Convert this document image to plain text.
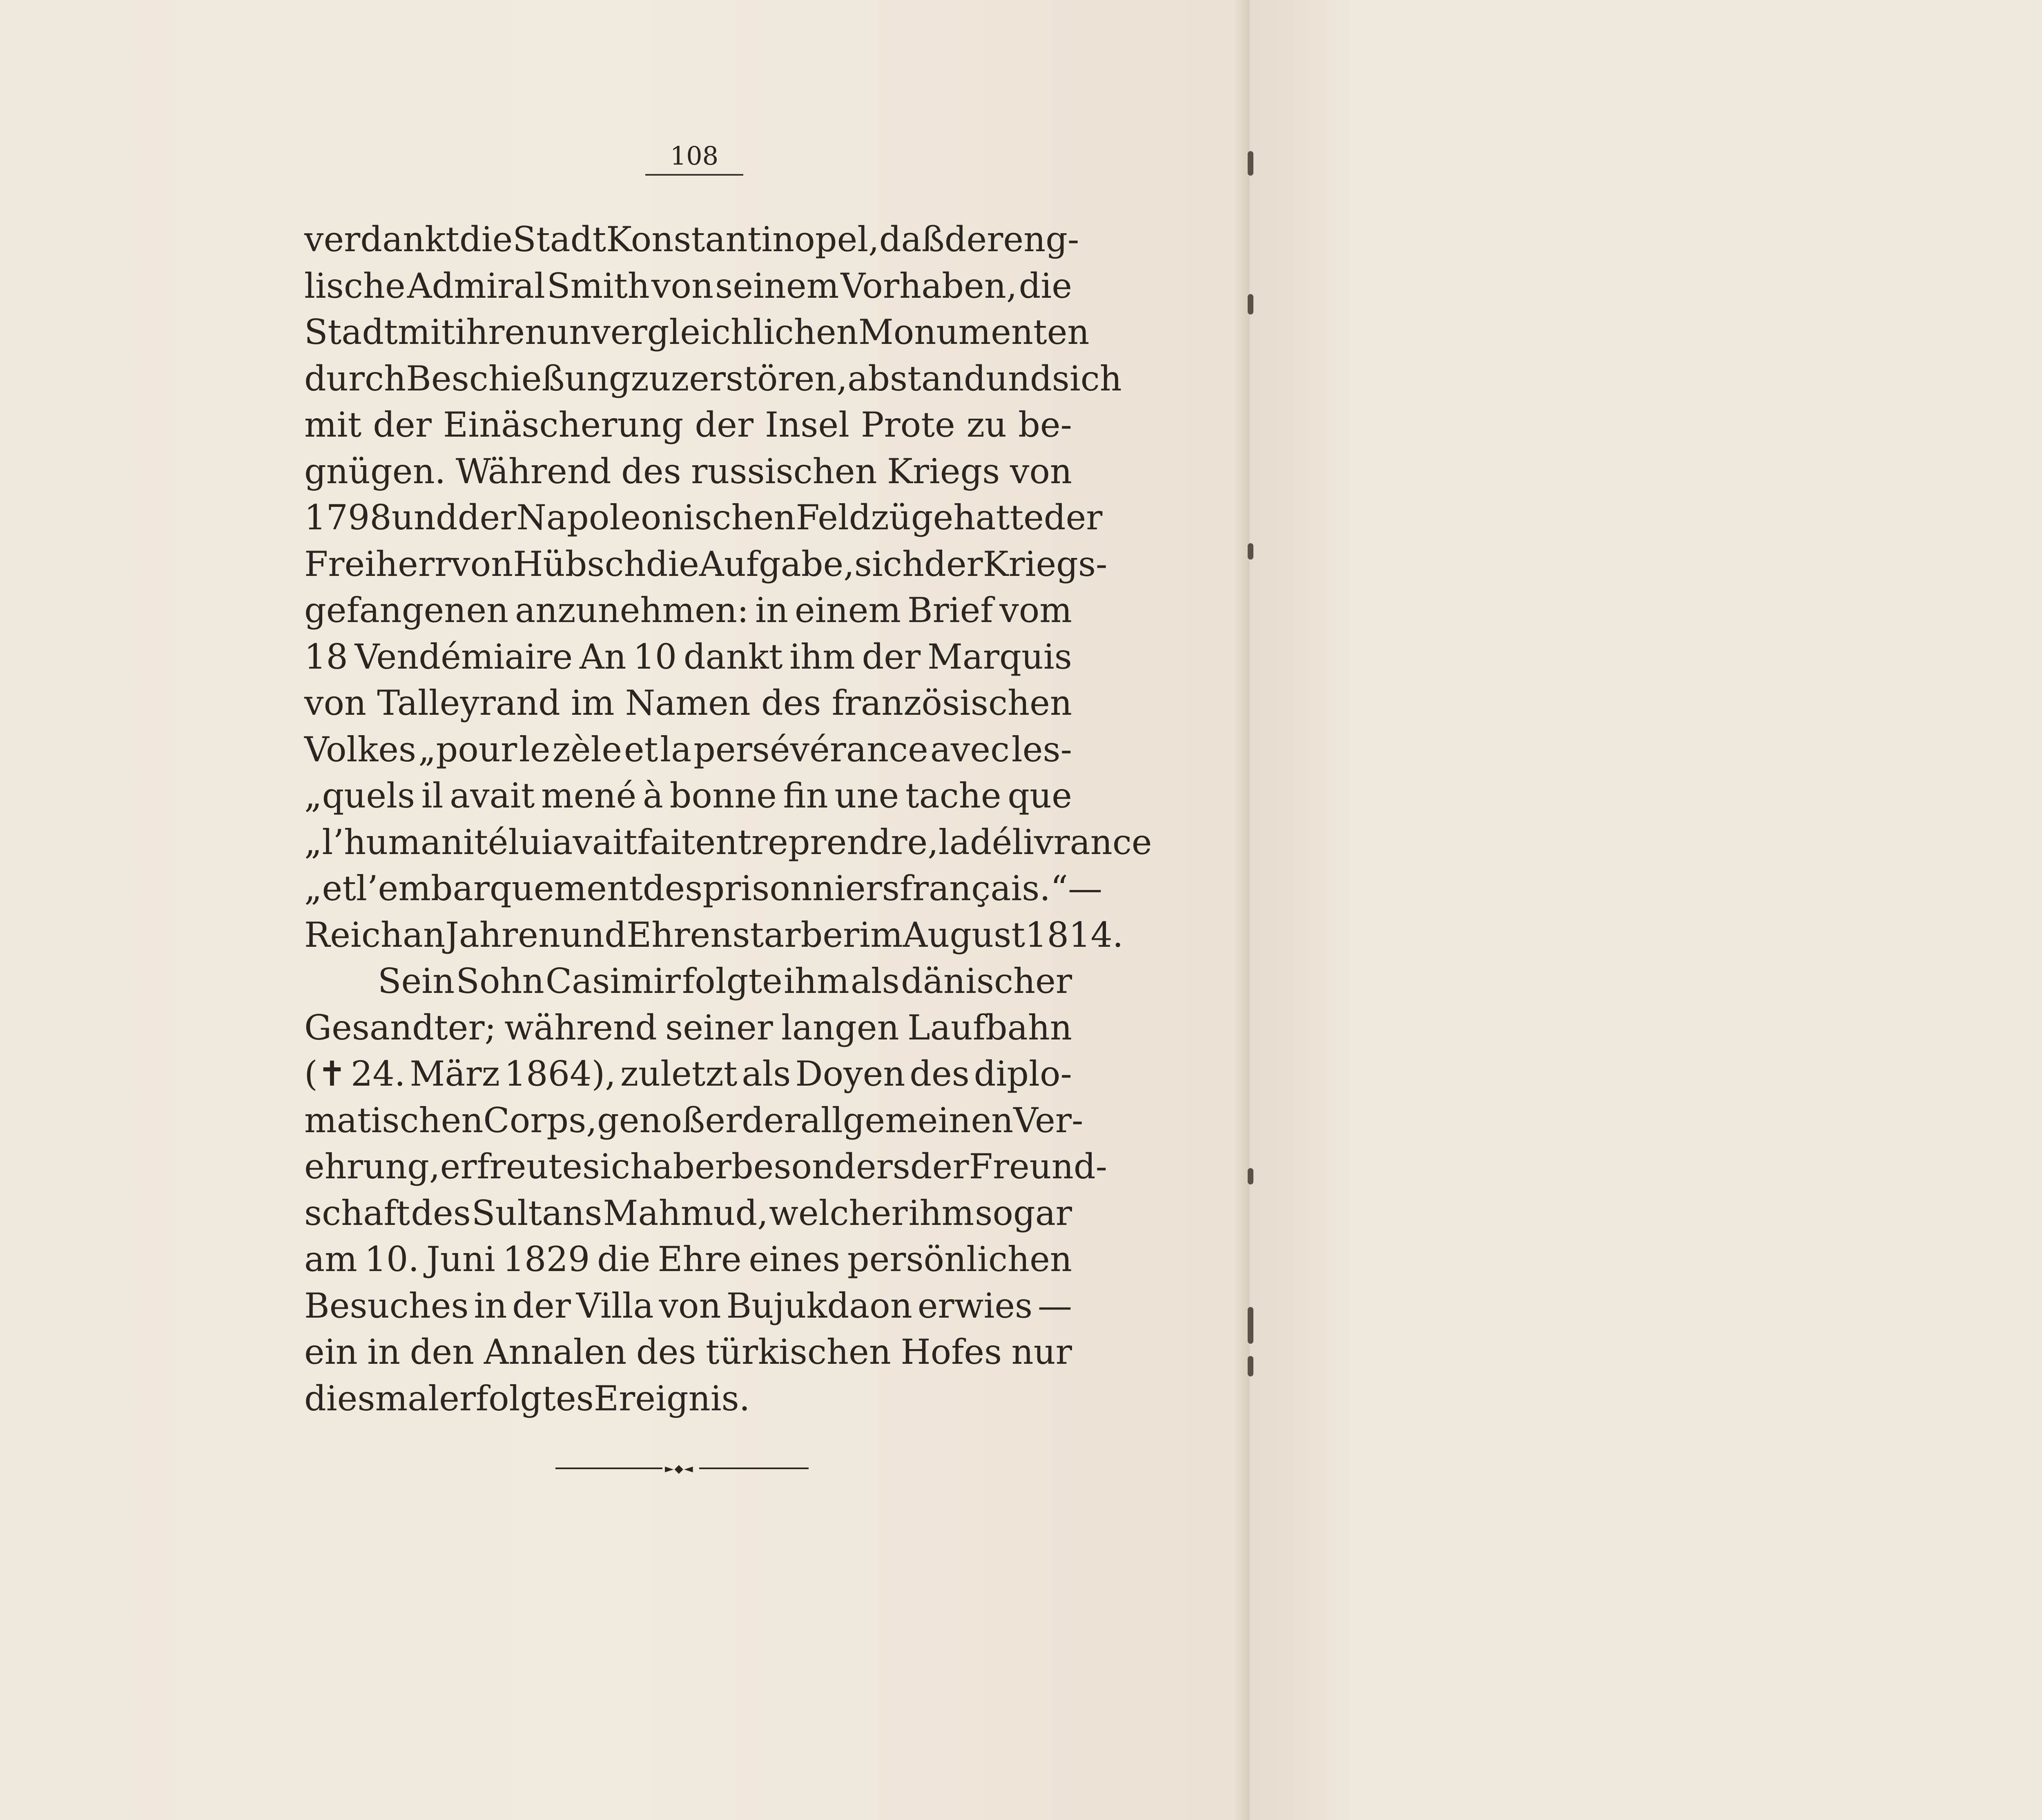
108
verdankt die Stadt Konstantinopel, daß der eng-
lische Admiral Smith von seinem Vorhaben, die
Stadt mit ihren unvergleichlichen Monumenten
durch Beschießung zu zerstören, abstand und sich
mit der Einäscherung der Insel Prote zu be-
gnügen. Während des russischen Kriegs von
1798 und der Napoleonischen Feldzüge hatte der
Freiherr von Hübsch die Aufgabe, sich der Kriegs-
gefangenen anzunehmen: in einem Brief vom
18 Vendémiaire An 10 dankt ihm der Marquis
von Talleyrand im Namen des französischen
Volkes „pour le zèle et la persévérance avec les-
„quels il avait mené à bonne fin une tache que
„l’humanité lui avait fait entreprendre, la délivrance
„et l’embarquement des prisonniers français.“ —
Reich an Jahren und Ehren starb er im August 1814.
Sein Sohn Casimir folgte ihm als dänischer
Gesandter; während seiner langen Laufbahn
(✝ 24. März 1864), zuletzt als Doyen des diplo-
matischen Corps, genoß er der allgemeinen Ver-
ehrung, erfreute sich aber besonders der Freund-
schaft des Sultans Mahmud, welcher ihm sogar
am 10. Juni 1829 die Ehre eines persönlichen
Besuches in der Villa von Bujukdaon erwies —
ein in den Annalen des türkischen Hofes nur
diesmal erfolgtes Ereignis.
►◆◄
